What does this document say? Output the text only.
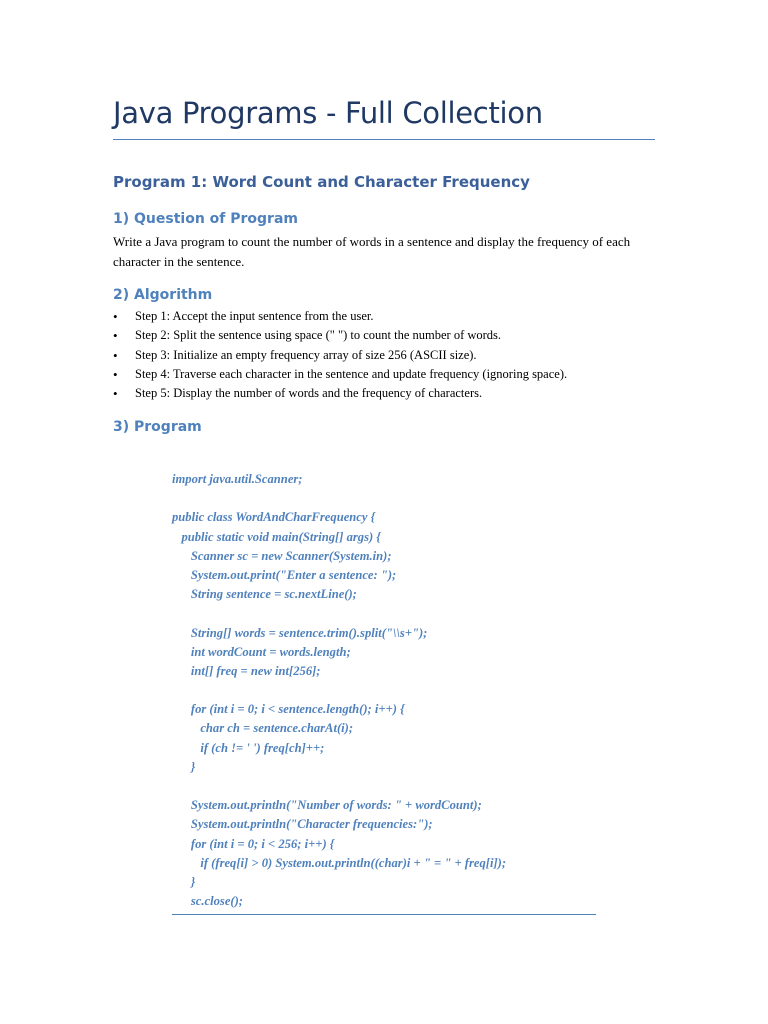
Java Programs - Full Collection
Program 1: Word Count and Character Frequency
1) Question of Program
Write a Java program to count the number of words in a sentence and display the frequency of each character in the sentence.
2) Algorithm
• Step 1: Accept the input sentence from the user.
• Step 2: Split the sentence using space (" ") to count the number of words.
• Step 3: Initialize an empty frequency array of size 256 (ASCII size).
• Step 4: Traverse each character in the sentence and update frequency (ignoring space).
• Step 5: Display the number of words and the frequency of characters.
3) Program
import java.util.Scanner;
public class WordAndCharFrequency {
public static void main(String[] args) {
Scanner sc = new Scanner(System.in);
System.out.print("Enter a sentence: ");
String sentence = sc.nextLine();
String[] words = sentence.trim().split("\\s+");
int wordCount = words.length;
int[] freq = new int[256];
for (int i = 0; i < sentence.length(); i++) {
char ch = sentence.charAt(i);
if (ch != ' ') freq[ch]++;
}
System.out.println("Number of words: " + wordCount);
System.out.println("Character frequencies:");
for (int i = 0; i < 256; i++) {
if (freq[i] > 0) System.out.println((char)i + " = " + freq[i]);
}
sc.close();
